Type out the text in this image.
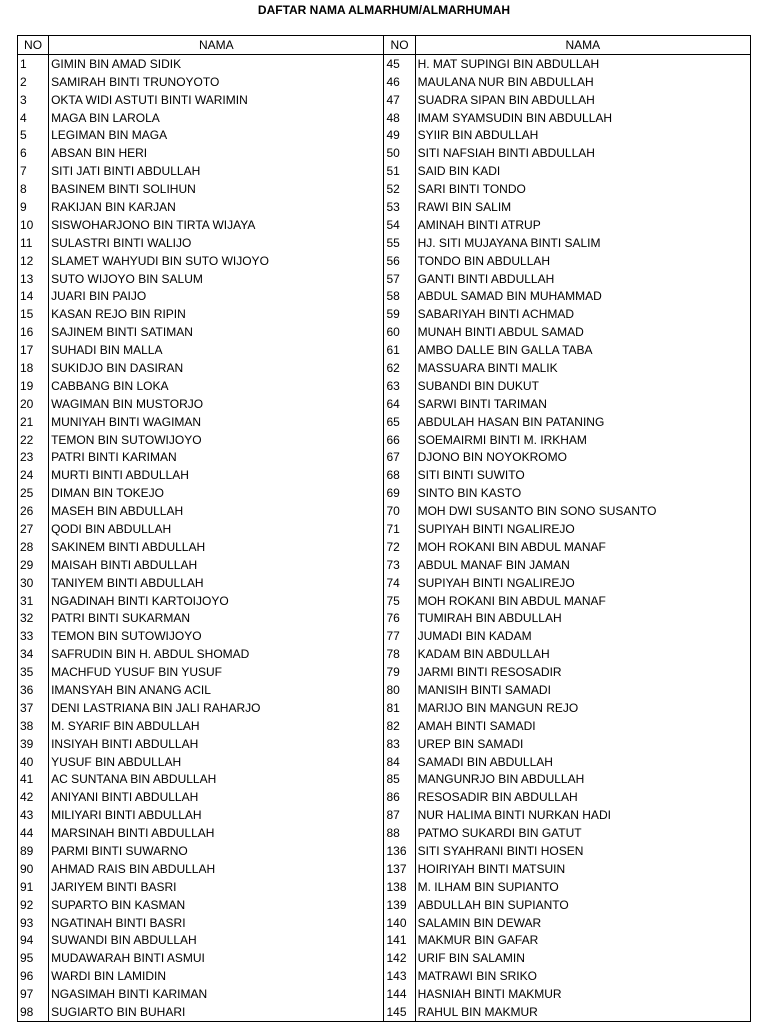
DAFTAR NAMA ALMARHUM/ALMARHUMAH
NO	NAMA	NO	NAMA
1	GIMIN BIN AMAD SIDIK	45	H. MAT SUPINGI BIN ABDULLAH
2	SAMIRAH BINTI TRUNOYOTO	46	MAULANA NUR BIN ABDULLAH
3	OKTA WIDI ASTUTI BINTI WARIMIN	47	SUADRA SIPAN BIN ABDULLAH
4	MAGA BIN LAROLA	48	IMAM SYAMSUDIN BIN ABDULLAH
5	LEGIMAN BIN MAGA	49	SYIIR BIN ABDULLAH
6	ABSAN BIN HERI	50	SITI NAFSIAH BINTI ABDULLAH
7	SITI JATI BINTI ABDULLAH	51	SAID BIN KADI
8	BASINEM BINTI SOLIHUN	52	SARI BINTI TONDO
9	RAKIJAN BIN KARJAN	53	RAWI BIN SALIM
10	SISWOHARJONO BIN TIRTA WIJAYA	54	AMINAH BINTI ATRUP
11	SULASTRI BINTI WALIJO	55	HJ. SITI MUJAYANA BINTI SALIM
12	SLAMET WAHYUDI BIN SUTO WIJOYO	56	TONDO BIN ABDULLAH
13	SUTO WIJOYO BIN SALUM	57	GANTI BINTI ABDULLAH
14	JUARI BIN PAIJO	58	ABDUL SAMAD BIN MUHAMMAD
15	KASAN REJO BIN RIPIN	59	SABARIYAH BINTI ACHMAD
16	SAJINEM BINTI SATIMAN	60	MUNAH BINTI ABDUL SAMAD
17	SUHADI BIN MALLA	61	AMBO DALLE BIN GALLA TABA
18	SUKIDJO BIN DASIRAN	62	MASSUARA BINTI MALIK
19	CABBANG BIN LOKA	63	SUBANDI BIN DUKUT
20	WAGIMAN BIN MUSTORJO	64	SARWI BINTI TARIMAN
21	MUNIYAH BINTI WAGIMAN	65	ABDULAH HASAN BIN PATANING
22	TEMON BIN SUTOWIJOYO	66	SOEMAIRMI BINTI M. IRKHAM
23	PATRI BINTI KARIMAN	67	DJONO BIN NOYOKROMO
24	MURTI BINTI ABDULLAH	68	SITI BINTI SUWITO
25	DIMAN BIN TOKEJO	69	SINTO BIN KASTO
26	MASEH BIN ABDULLAH	70	MOH DWI SUSANTO BIN SONO SUSANTO
27	QODI BIN ABDULLAH	71	SUPIYAH BINTI NGALIREJO
28	SAKINEM BINTI ABDULLAH	72	MOH ROKANI BIN ABDUL MANAF
29	MAISAH BINTI ABDULLAH	73	ABDUL MANAF BIN JAMAN
30	TANIYEM BINTI ABDULLAH	74	SUPIYAH BINTI NGALIREJO
31	NGADINAH BINTI KARTOIJOYO	75	MOH ROKANI BIN ABDUL MANAF
32	PATRI BINTI SUKARMAN	76	TUMIRAH BIN ABDULLAH
33	TEMON BIN SUTOWIJOYO	77	JUMADI BIN KADAM
34	SAFRUDIN BIN H. ABDUL SHOMAD	78	KADAM BIN ABDULLAH
35	MACHFUD YUSUF BIN YUSUF	79	JARMI BINTI RESOSADIR
36	IMANSYAH BIN ANANG ACIL	80	MANISIH BINTI SAMADI
37	DENI LASTRIANA BIN JALI RAHARJO	81	MARIJO BIN MANGUN REJO
38	M. SYARIF BIN ABDULLAH	82	AMAH BINTI SAMADI
39	INSIYAH BINTI ABDULLAH	83	UREP BIN SAMADI
40	YUSUF BIN ABDULLAH	84	SAMADI BIN ABDULLAH
41	AC SUNTANA BIN ABDULLAH	85	MANGUNRJO BIN ABDULLAH
42	ANIYANI BINTI ABDULLAH	86	RESOSADIR BIN ABDULLAH
43	MILIYARI BINTI ABDULLAH	87	NUR HALIMA BINTI NURKAN HADI
44	MARSINAH BINTI ABDULLAH	88	PATMO SUKARDI BIN GATUT
89	PARMI BINTI SUWARNO	136	SITI SYAHRANI BINTI HOSEN
90	AHMAD RAIS BIN ABDULLAH	137	HOIRIYAH BINTI MATSUIN
91	JARIYEM BINTI BASRI	138	M. ILHAM BIN SUPIANTO
92	SUPARTO BIN KASMAN	139	ABDULLAH BIN SUPIANTO
93	NGATINAH BINTI BASRI	140	SALAMIN BIN DEWAR
94	SUWANDI BIN ABDULLAH	141	MAKMUR BIN GAFAR
95	MUDAWARAH BINTI ASMUI	142	URIF BIN SALAMIN
96	WARDI BIN LAMIDIN	143	MATRAWI BIN SRIKO
97	NGASIMAH BINTI KARIMAN	144	HASNIAH BINTI MAKMUR
98	SUGIARTO BIN BUHARI	145	RAHUL BIN MAKMUR
